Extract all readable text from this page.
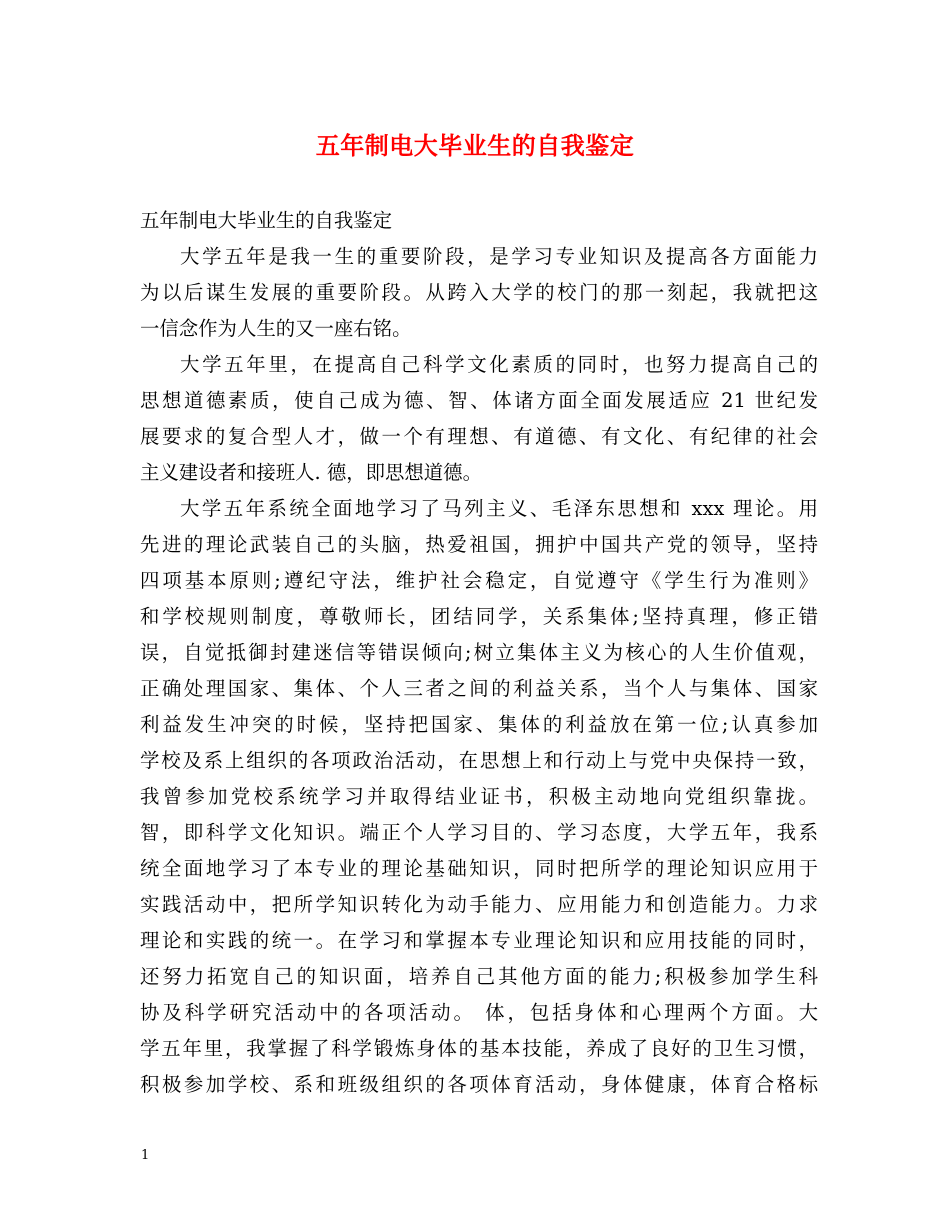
五年制电大毕业生的自我鉴定
五年制电大毕业生的自我鉴定
大学五年是我一生的重要阶段，是学习专业知识及提高各方面能力
为以后谋生发展的重要阶段。从跨入大学的校门的那一刻起，我就把这
一信念作为人生的又一座右铭。
大学五年里，在提高自己科学文化素质的同时，也努力提高自己的
思想道德素质，使自己成为德、智、体诸方面全面发展适应 21 世纪发
展要求的复合型人才，做一个有理想、有道德、有文化、有纪律的社会
主义建设者和接班人. 德，即思想道德。
大学五年系统全面地学习了马列主义、毛泽东思想和 xxx 理论。用
先进的理论武装自己的头脑，热爱祖国，拥护中国共产党的领导，坚持
四项基本原则;遵纪守法，维护社会稳定，自觉遵守《学生行为准则》
和学校规则制度，尊敬师长，团结同学，关系集体;坚持真理，修正错
误，自觉抵御封建迷信等错误倾向;树立集体主义为核心的人生价值观，
正确处理国家、集体、个人三者之间的利益关系，当个人与集体、国家
利益发生冲突的时候，坚持把国家、集体的利益放在第一位;认真参加
学校及系上组织的各项政治活动，在思想上和行动上与党中央保持一致，
我曾参加党校系统学习并取得结业证书，积极主动地向党组织靠拢。
智，即科学文化知识。端正个人学习目的、学习态度，大学五年，我系
统全面地学习了本专业的理论基础知识，同时把所学的理论知识应用于
实践活动中，把所学知识转化为动手能力、应用能力和创造能力。力求
理论和实践的统一。在学习和掌握本专业理论知识和应用技能的同时，
还努力拓宽自己的知识面，培养自己其他方面的能力;积极参加学生科
协及科学研究活动中的各项活动。 体，包括身体和心理两个方面。大
学五年里，我掌握了科学锻炼身体的基本技能，养成了良好的卫生习惯，
积极参加学校、系和班级组织的各项体育活动，身体健康，体育合格标
1
